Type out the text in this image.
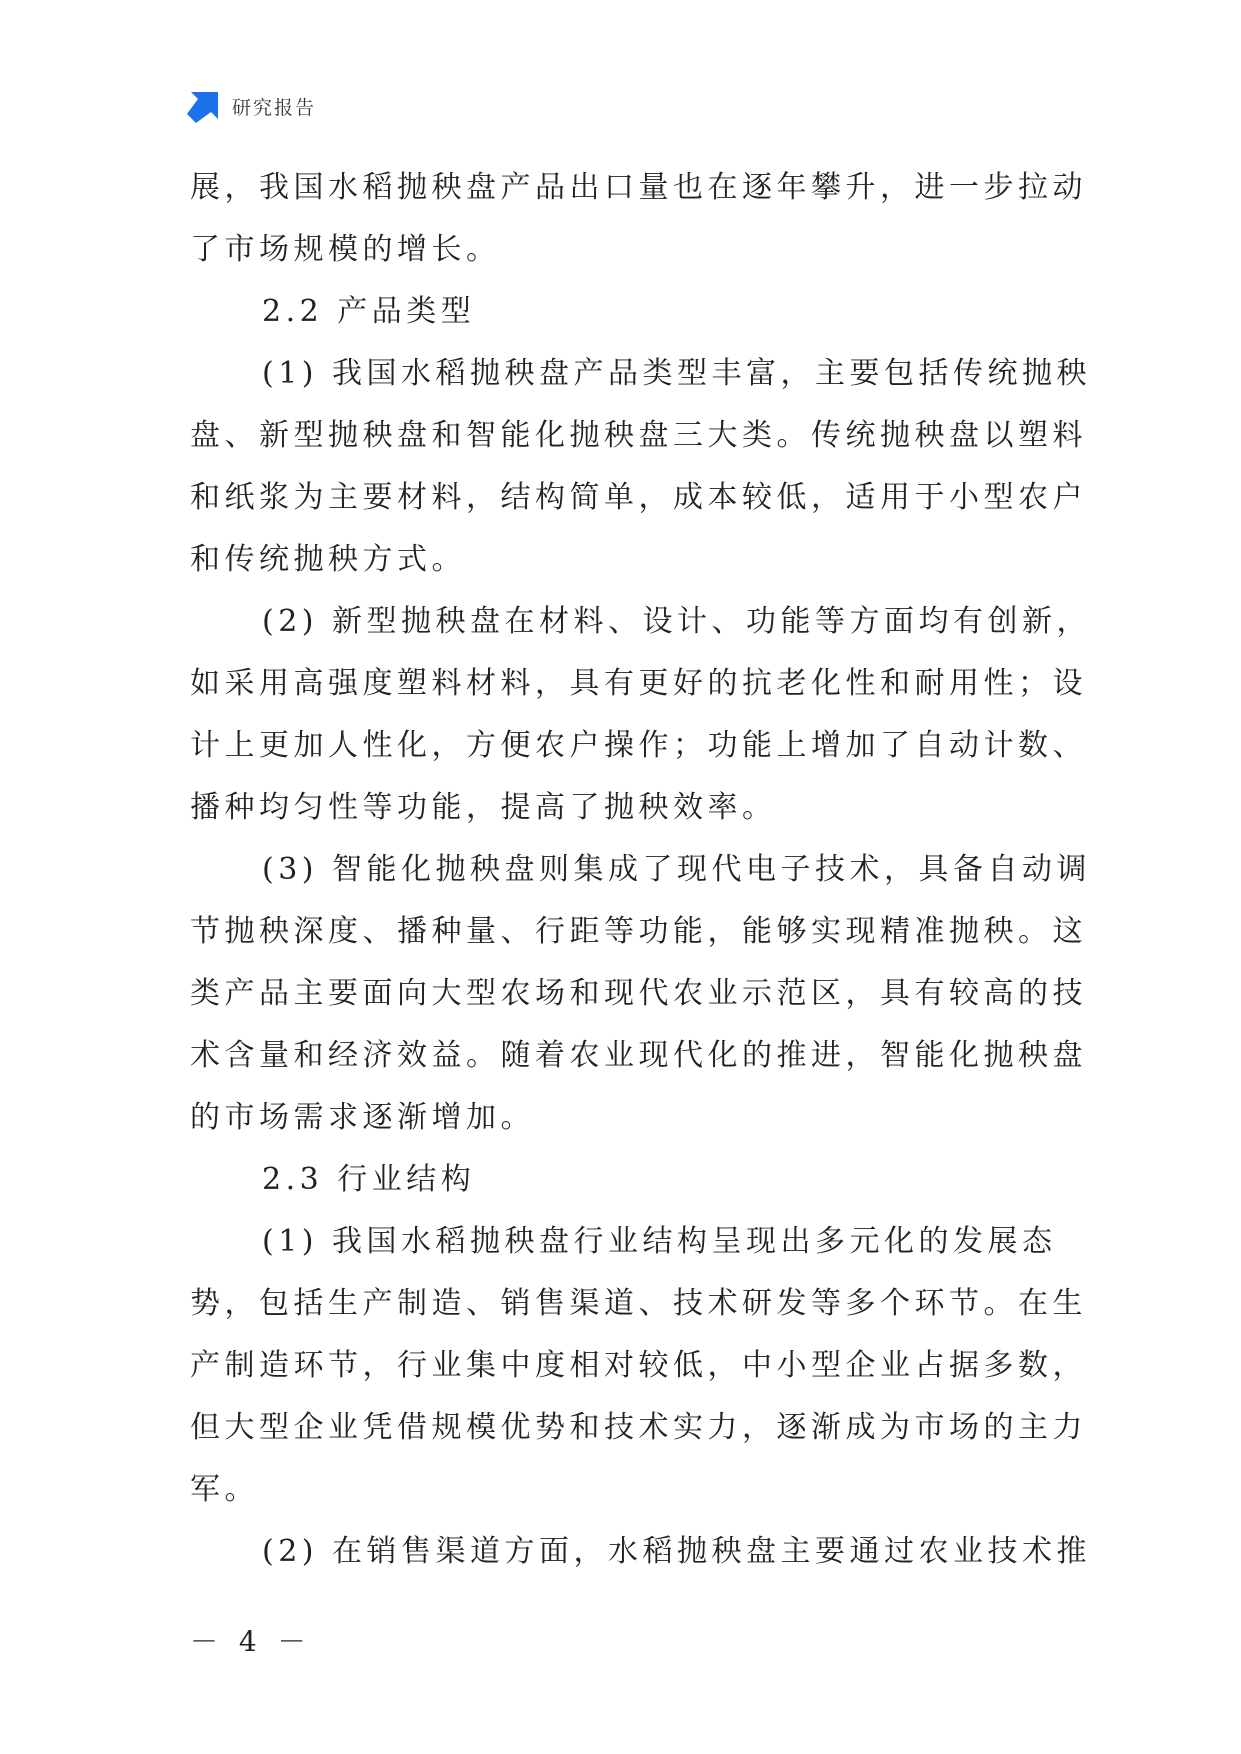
研究报告
展，我国水稻抛秧盘产品出口量也在逐年攀升，进一步拉动
了市场规模的增长。
2.2 产品类型
(1) 我国水稻抛秧盘产品类型丰富，主要包括传统抛秧
盘、新型抛秧盘和智能化抛秧盘三大类。传统抛秧盘以塑料
和纸浆为主要材料，结构简单，成本较低，适用于小型农户
和传统抛秧方式。
(2) 新型抛秧盘在材料、设计、功能等方面均有创新，
如采用高强度塑料材料，具有更好的抗老化性和耐用性；设
计上更加人性化，方便农户操作；功能上增加了自动计数、
播种均匀性等功能，提高了抛秧效率。
(3) 智能化抛秧盘则集成了现代电子技术，具备自动调
节抛秧深度、播种量、行距等功能，能够实现精准抛秧。这
类产品主要面向大型农场和现代农业示范区，具有较高的技
术含量和经济效益。随着农业现代化的推进，智能化抛秧盘
的市场需求逐渐增加。
2.3 行业结构
(1) 我国水稻抛秧盘行业结构呈现出多元化的发展态
势，包括生产制造、销售渠道、技术研发等多个环节。在生
产制造环节，行业集中度相对较低，中小型企业占据多数，
但大型企业凭借规模优势和技术实力，逐渐成为市场的主力
军。
(2) 在销售渠道方面，水稻抛秧盘主要通过农业技术推
－ 4 －
